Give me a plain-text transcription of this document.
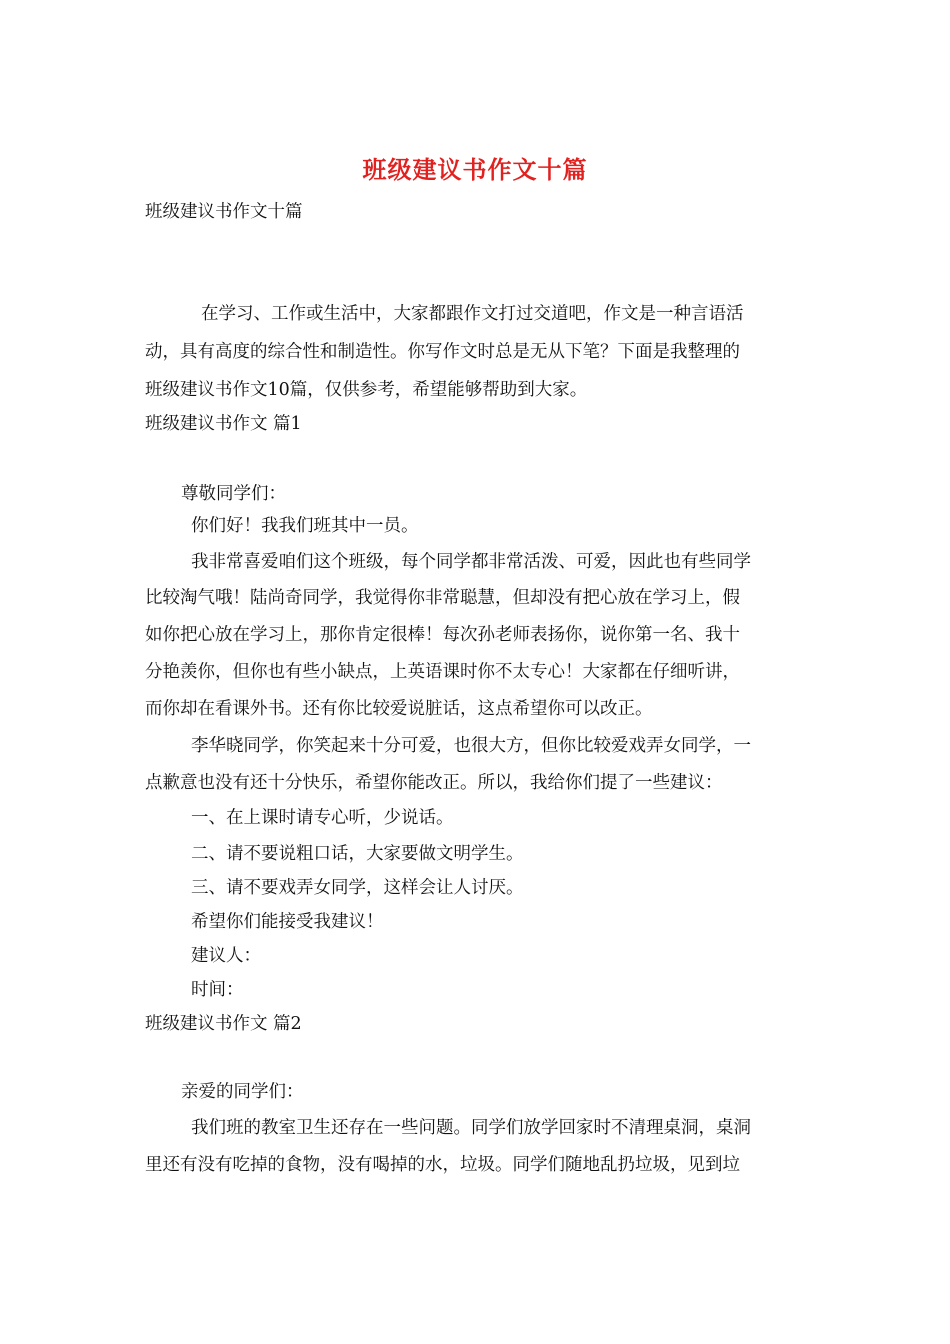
班级建议书作文十篇
班级建议书作文十篇
在学习、工作或生活中，大家都跟作文打过交道吧，作文是一种言语活
动，具有高度的综合性和制造性。你写作文时总是无从下笔？下面是我整理的
班级建议书作文10篇，仅供参考，希望能够帮助到大家。
班级建议书作文 篇1
尊敬同学们：
你们好！我我们班其中一员。
我非常喜爱咱们这个班级，每个同学都非常活泼、可爱，因此也有些同学
比较淘气哦！陆尚奇同学，我觉得你非常聪慧，但却没有把心放在学习上，假
如你把心放在学习上，那你肯定很棒！每次孙老师表扬你，说你第一名、我十
分艳羡你，但你也有些小缺点，上英语课时你不太专心！大家都在仔细听讲，
而你却在看课外书。还有你比较爱说脏话，这点希望你可以改正。
李华晓同学，你笑起来十分可爱，也很大方，但你比较爱戏弄女同学，一
点歉意也没有还十分快乐，希望你能改正。所以，我给你们提了一些建议：
一、在上课时请专心听，少说话。
二、请不要说粗口话，大家要做文明学生。
三、请不要戏弄女同学，这样会让人讨厌。
希望你们能接受我建议！
建议人：
时间：
班级建议书作文 篇2
亲爱的同学们：
我们班的教室卫生还存在一些问题。同学们放学回家时不清理桌洞，桌洞
里还有没有吃掉的食物，没有喝掉的水，垃圾。同学们随地乱扔垃圾，见到垃
